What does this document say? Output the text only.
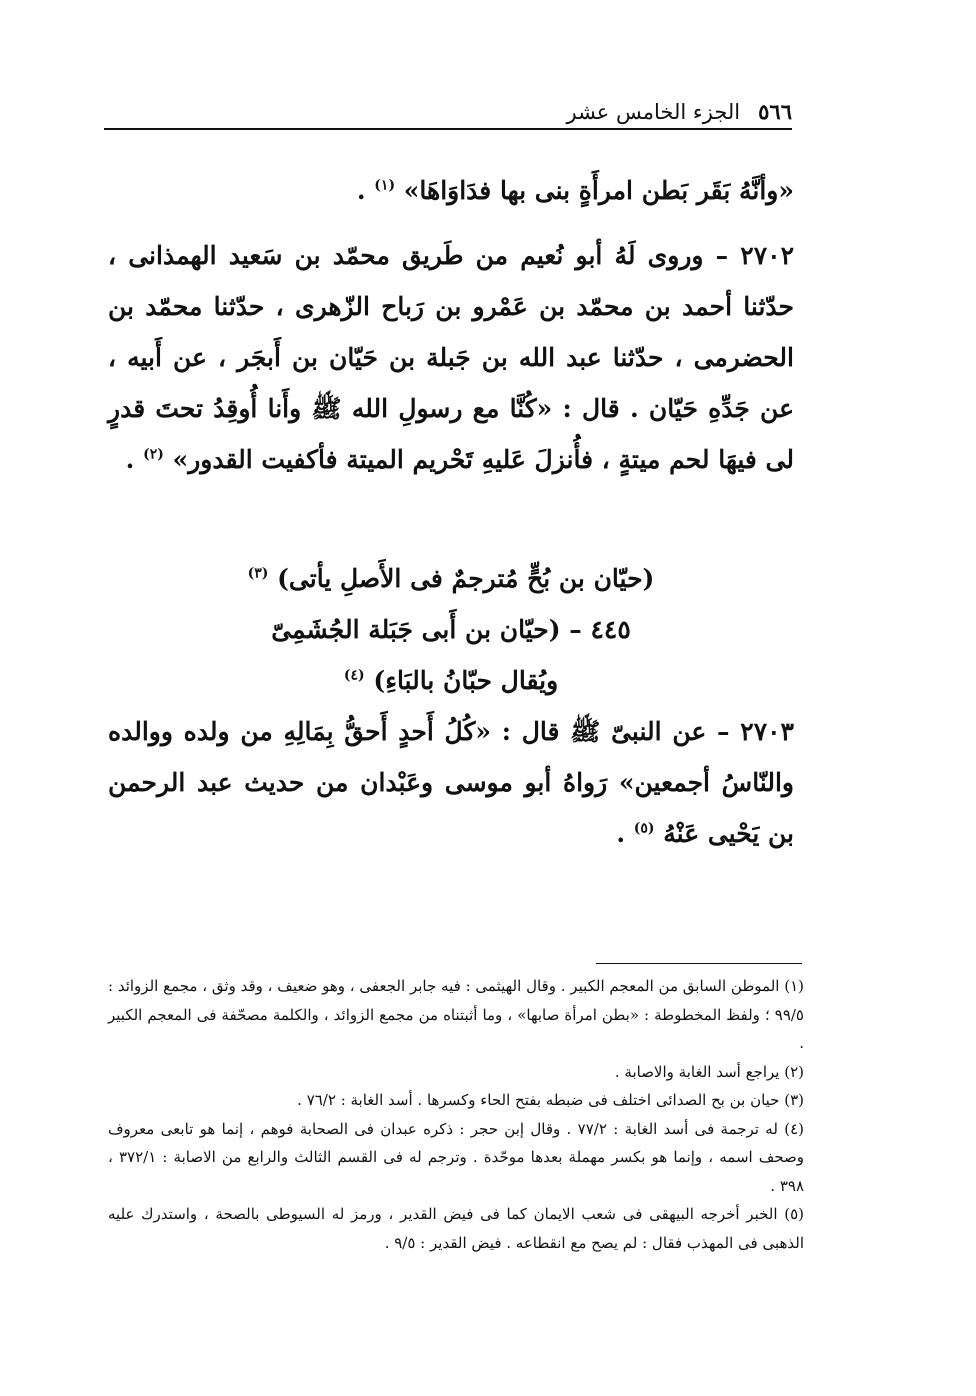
٥٦٦
الجزء الخامس عشر

«وأنَّهُ بَقَر بَطن امرأَةٍ بنى بها فدَاوَاهَا» $^{(١)}$ .

٢٧٠٢ – وروى لَهُ أبو نُعيم من طَريق محمّد بن سَعيد الهمذانى ، حدّثنا أحمد بن محمّد بن عَمْرو بن رَباح الزّهرى ، حدّثنا محمّد بن الحضرمى ، حدّثنا عبد الله بن جَبلة بن حَيّان بن أَبجَر ، عن أَبيه ، عن جَدِّهِ حَيّان . قال : «كُنَّا مع رسولِ الله ﷺ وأَنا أُوقِدُ تحتَ قدرٍ لى فيهَا لحم ميتةٍ ، فأُنزلَ عَليهِ تَحْريم الميتة فأكفيت القدور» $^{(٢)}$ .

(حيّان بن بُحٍّ مُترجمٌ فى الأَصلِ يأتى) $^{(٣)}$

٤٤٥ – (حيّان بن أَبى جَبَلة الجُشَمِىّ

ويُقال حبّانُ بالبَاءِ) $^{(٤)}$

٢٧٠٣ – عن النبىّ ﷺ قال : «كُلُ أَحدٍ أَحقُّ بِمَالِهِ من ولده ووالده والنّاسُ أجمعين» رَواهُ أبو موسى وعَبْدان من حديث عبد الرحمن بن يَحْيى عَنْهُ $^{(٥)}$ .

(١) الموطن السابق من المعجم الكبير . وقال الهيثمى : فيه جابر الجعفى ، وهو ضعيف ، وقد وثق ، مجمع الزوائد : ٩٩/٥ ؛ ولفظ المخطوطة : «بطن امرأة صابها» ، وما أثبتناه من مجمع الزوائد ، والكلمة مصحّفة فى المعجم الكبير .

(٢) يراجع أسد الغابة والاصابة .

(٣) حيان بن بح الصدائى اختلف فى ضبطه بفتح الحاء وكسرها . أسد الغابة : ٧٦/٢ .

(٤) له ترجمة فى أسد الغابة : ٧٧/٢ . وقال إبن حجر : ذكره عبدان فى الصحابة فوهم ، إنما هو تابعى معروف وصحف اسمه ، وإنما هو بكسر مهملة بعدها موحّدة . وترجم له فى القسم الثالث والرابع من الاصابة : ٣٧٢/١ ، ٣٩٨ .

(٥) الخبر أخرجه البيهقى فى شعب الايمان كما فى فيض القدير ، ورمز له السيوطى بالصحة ، واستدرك عليه الذهبى فى المهذب فقال : لم يصح مع انقطاعه . فيض القدير : ٩/٥ .
